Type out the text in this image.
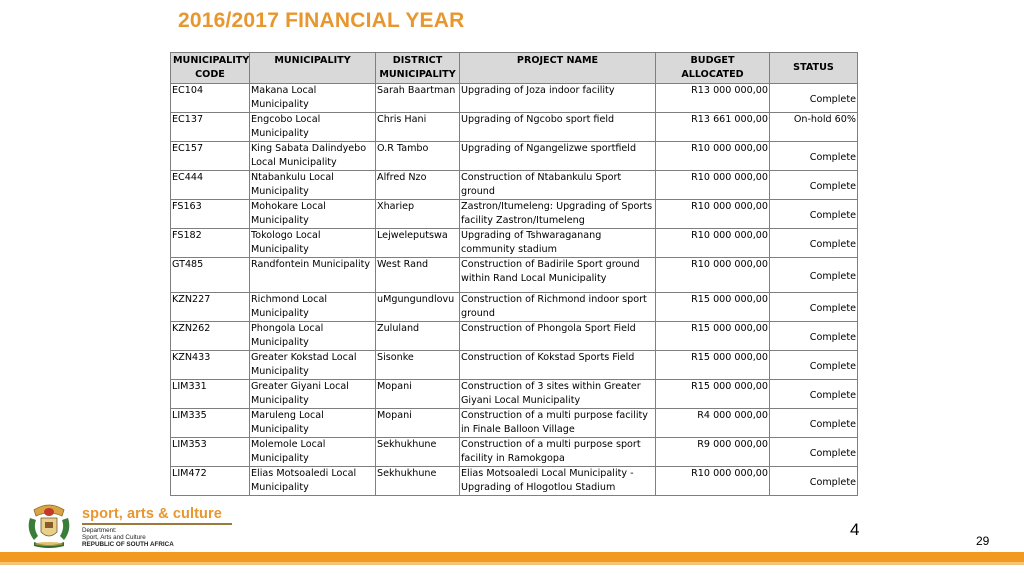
2016/2017 FINANCIAL YEAR
MUNICIPALITY CODE	MUNICIPALITY	DISTRICT MUNICIPALITY	PROJECT NAME	BUDGET ALLOCATED	STATUS
EC104	Makana Local Municipality	Sarah Baartman	Upgrading of Joza indoor facility	R13 000 000,00	Complete
EC137	Engcobo Local Municipality	Chris Hani	Upgrading of Ngcobo sport field	R13 661 000,00	On-hold 60%
EC157	King Sabata Dalindyebo Local Municipality	O.R Tambo	Upgrading of Ngangelizwe sportfield	R10 000 000,00	Complete
EC444	Ntabankulu Local Municipality	Alfred Nzo	Construction of Ntabankulu Sport ground	R10 000 000,00	Complete
FS163	Mohokare Local Municipality	Xhariep	Zastron/Itumeleng: Upgrading of Sports facility Zastron/Itumeleng	R10 000 000,00	Complete
FS182	Tokologo Local Municipality	Lejweleputswa	Upgrading of Tshwaraganang community stadium	R10 000 000,00	Complete
GT485	Randfontein Municipality	West Rand	Construction of Badirile Sport ground within Rand Local Municipality	R10 000 000,00	Complete
KZN227	Richmond Local Municipality	uMgungundlovu	Construction of Richmond indoor sport ground	R15 000 000,00	Complete
KZN262	Phongola Local Municipality	Zululand	Construction of Phongola Sport Field	R15 000 000,00	Complete
KZN433	Greater Kokstad Local Municipality	Sisonke	Construction of Kokstad Sports Field	R15 000 000,00	Complete
LIM331	Greater Giyani Local Municipality	Mopani	Construction of 3 sites within Greater Giyani Local Municipality	R15 000 000,00	Complete
LIM335	Maruleng Local Municipality	Mopani	Construction of a multi purpose facility in Finale Balloon Village	R4 000 000,00	Complete
LIM353	Molemole Local Municipality	Sekhukhune	Construction of a multi purpose sport facility in Ramokgopa	R9 000 000,00	Complete
LIM472	Elias Motsoaledi Local Municipality	Sekhukhune	Elias Motsoaledi Local Municipality - Upgrading of Hlogotlou Stadium	R10 000 000,00	Complete
sport, arts & culture
Department:
Sport, Arts and Culture
REPUBLIC OF SOUTH AFRICA
4
29
